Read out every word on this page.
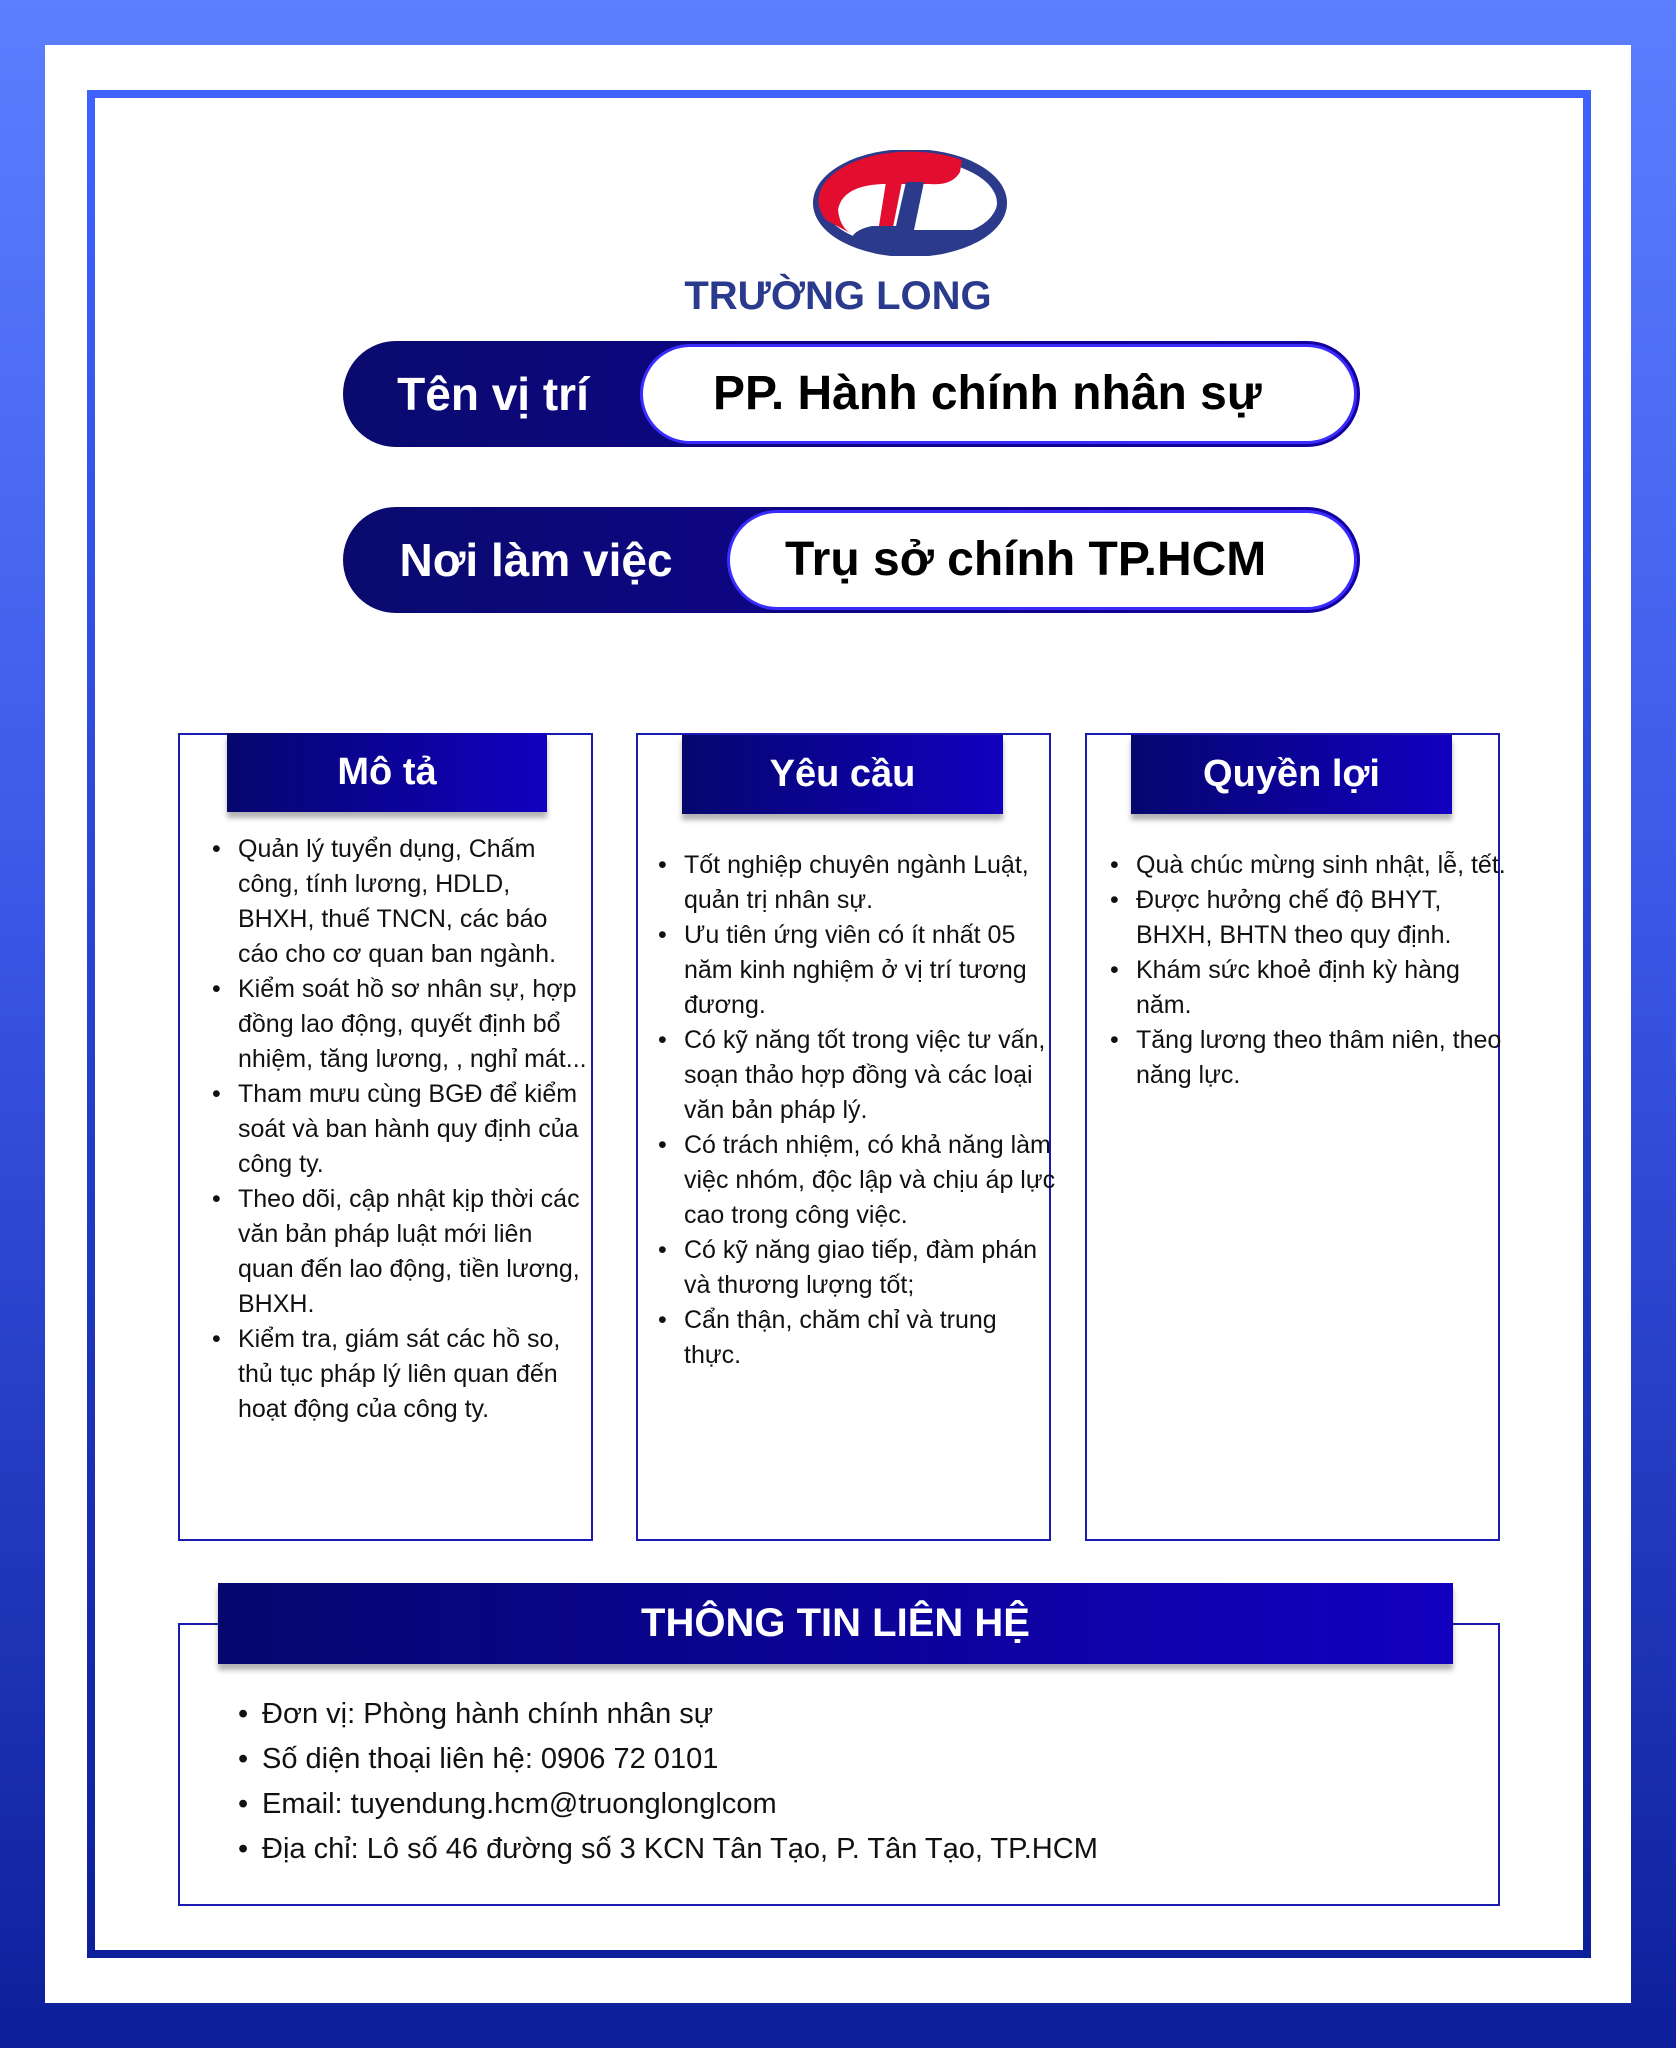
TRƯỜNG LONG
Tên vị trí	PP. Hành chính nhân sự
Nơi làm việc	Trụ sở chính TP.HCM
Mô tả
• Quản lý tuyển dụng, Chấm công, tính lương, HDLD, BHXH, thuế TNCN, các báo cáo cho cơ quan ban ngành.
• Kiểm soát hồ sơ nhân sự, hợp đồng lao động, quyết định bổ nhiệm, tăng lương, , nghỉ mát...
• Tham mưu cùng BGĐ để kiểm soát và ban hành quy định của công ty.
• Theo dõi, cập nhật kịp thời các văn bản pháp luật mới liên quan đến lao động, tiền lương, BHXH.
• Kiểm tra, giám sát các hồ so, thủ tục pháp lý liên quan đến hoạt động của công ty.
Yêu cầu
• Tốt nghiệp chuyên ngành Luật, quản trị nhân sự.
• Ưu tiên ứng viên có ít nhất 05 năm kinh nghiệm ở vị trí tương đương.
• Có kỹ năng tốt trong việc tư vấn, soạn thảo hợp đồng và các loại văn bản pháp lý.
• Có trách nhiệm, có khả năng làm việc nhóm, độc lập và chịu áp lực cao trong công việc.
• Có kỹ năng giao tiếp, đàm phán và thương lượng tốt;
• Cẩn thận, chăm chỉ và trung thực.
Quyền lợi
• Quà chúc mừng sinh nhật, lễ, tết.
• Được hưởng chế độ BHYT, BHXH, BHTN theo quy định.
• Khám sức khoẻ định kỳ hàng năm.
• Tăng lương theo thâm niên, theo năng lực.
THÔNG TIN LIÊN HỆ
• Đơn vị: Phòng hành chính nhân sự
• Số diện thoại liên hệ: 0906 72 0101
• Email: tuyendung.hcm@truonglonglcom
• Địa chỉ: Lô số 46 đường số 3 KCN Tân Tạo, P. Tân Tạo, TP.HCM
